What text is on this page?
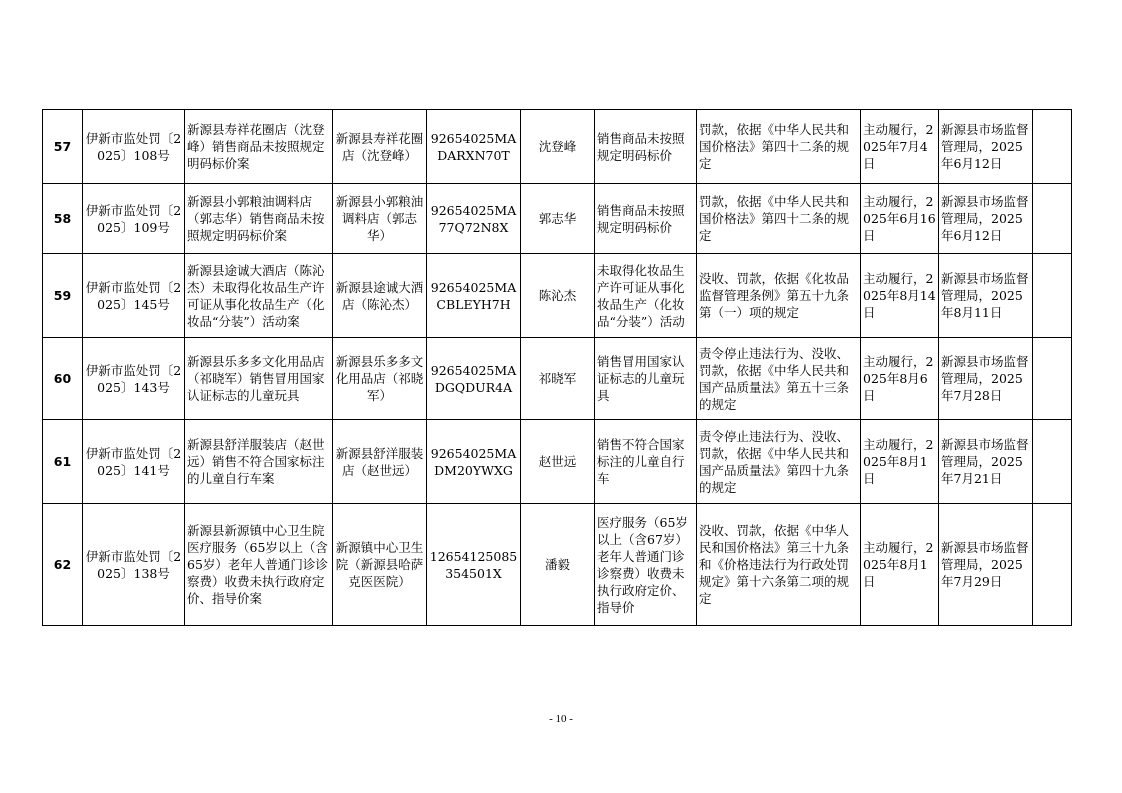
57	伊新市监处罚〔2025〕108号	新源县寿祥花圈店（沈登峰）销售商品未按照规定明码标价案	新源县寿祥花圈店（沈登峰）	92654025MADARXN70T	沈登峰	销售商品未按照规定明码标价	罚款，依据《中华人民共和国价格法》第四十二条的规定	主动履行，2025年7月4日	新源县市场监督管理局，2025年6月12日	
58	伊新市监处罚〔2025〕109号	新源县小郭粮油调料店（郭志华）销售商品未按照规定明码标价案	新源县小郭粮油调料店（郭志华）	92654025MA77Q72N8X	郭志华	销售商品未按照规定明码标价	罚款，依据《中华人民共和国价格法》第四十二条的规定	主动履行，2025年6月16日	新源县市场监督管理局，2025年6月12日	
59	伊新市监处罚〔2025〕145号	新源县途诚大酒店（陈沁杰）未取得化妆品生产许可证从事化妆品生产（化妆品“分装”）活动案	新源县途诚大酒店（陈沁杰）	92654025MACBLEYH7H	陈沁杰	未取得化妆品生产许可证从事化妆品生产（化妆品“分装”）活动	没收、罚款，依据《化妆品监督管理条例》第五十九条第（一）项的规定	主动履行，2025年8月14日	新源县市场监督管理局，2025年8月11日	
60	伊新市监处罚〔2025〕143号	新源县乐多多文化用品店（祁晓军）销售冒用国家认证标志的儿童玩具	新源县乐多多文化用品店（祁晓军）	92654025MADGQDUR4A	祁晓军	销售冒用国家认证标志的儿童玩具	责令停止违法行为、没收、罚款，依据《中华人民共和国产品质量法》第五十三条的规定	主动履行，2025年8月6日	新源县市场监督管理局，2025年7月28日	
61	伊新市监处罚〔2025〕141号	新源县舒洋服装店（赵世远）销售不符合国家标注的儿童自行车案	新源县舒洋服装店（赵世远）	92654025MADM20YWXG	赵世远	销售不符合国家标注的儿童自行车	责令停止违法行为、没收、罚款，依据《中华人民共和国产品质量法》第四十九条的规定	主动履行，2025年8月1日	新源县市场监督管理局，2025年7月21日	
62	伊新市监处罚〔2025〕138号	新源县新源镇中心卫生院医疗服务（65岁以上（含65岁）老年人普通门诊诊察费）收费未执行政府定价、指导价案	新源镇中心卫生院（新源县哈萨克医医院）	12654125085354501X	潘毅	医疗服务（65岁以上（含67岁）老年人普通门诊诊察费）收费未执行政府定价、指导价	没收、罚款，依据《中华人民和国价格法》第三十九条和《价格违法行为行政处罚规定》第十六条第二项的规定	主动履行，2025年8月1日	新源县市场监督管理局，2025年7月29日	
- 10 -
